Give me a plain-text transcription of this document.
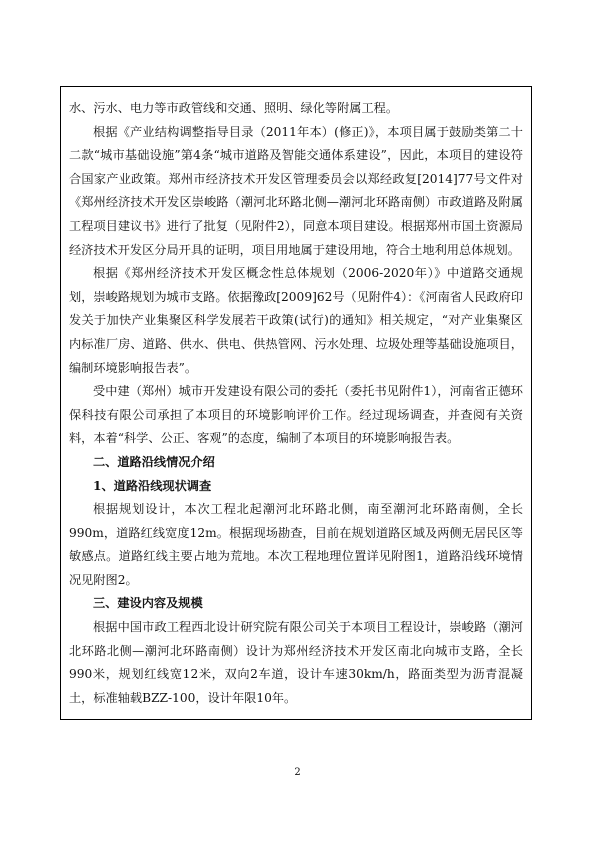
水、污水、电力等市政管线和交通、照明、绿化等附属工程。

根据《产业结构调整指导目录（2011年本）(修正)》，本项目属于鼓励类第二十二款“城市基础设施”第4条“城市道路及智能交通体系建设”，因此，本项目的建设符合国家产业政策。郑州市经济技术开发区管理委员会以郑经政复[2014]77号文件对《郑州经济技术开发区崇峻路（潮河北环路北侧—潮河北环路南侧）市政道路及附属工程项目建议书》进行了批复（见附件2），同意本项目建设。根据郑州市国土资源局经济技术开发区分局开具的证明，项目用地属于建设用地，符合土地利用总体规划。

根据《郑州经济技术开发区概念性总体规划（2006-2020年）》中道路交通规划，崇峻路规划为城市支路。依据豫政[2009]62号（见附件4）：《河南省人民政府印发关于加快产业集聚区科学发展若干政策(试行)的通知》相关规定，“对产业集聚区内标准厂房、道路、供水、供电、供热管网、污水处理、垃圾处理等基础设施项目，编制环境影响报告表”。

受中建（郑州）城市开发建设有限公司的委托（委托书见附件1），河南省正德环保科技有限公司承担了本项目的环境影响评价工作。经过现场调查，并查阅有关资料，本着“科学、公正、客观”的态度，编制了本项目的环境影响报告表。

二、道路沿线情况介绍

1、道路沿线现状调查

根据规划设计，本次工程北起潮河北环路北侧，南至潮河北环路南侧，全长990m，道路红线宽度12m。根据现场勘查，目前在规划道路区域及两侧无居民区等敏感点。道路红线主要占地为荒地。本次工程地理位置详见附图1，道路沿线环境情况见附图2。

三、建设内容及规模

根据中国市政工程西北设计研究院有限公司关于本项目工程设计，崇峻路（潮河北环路北侧—潮河北环路南侧）设计为郑州经济技术开发区南北向城市支路，全长990米，规划红线宽12米，双向2车道，设计车速30km/h，路面类型为沥青混凝土，标准轴载BZZ-100，设计年限10年。

2
